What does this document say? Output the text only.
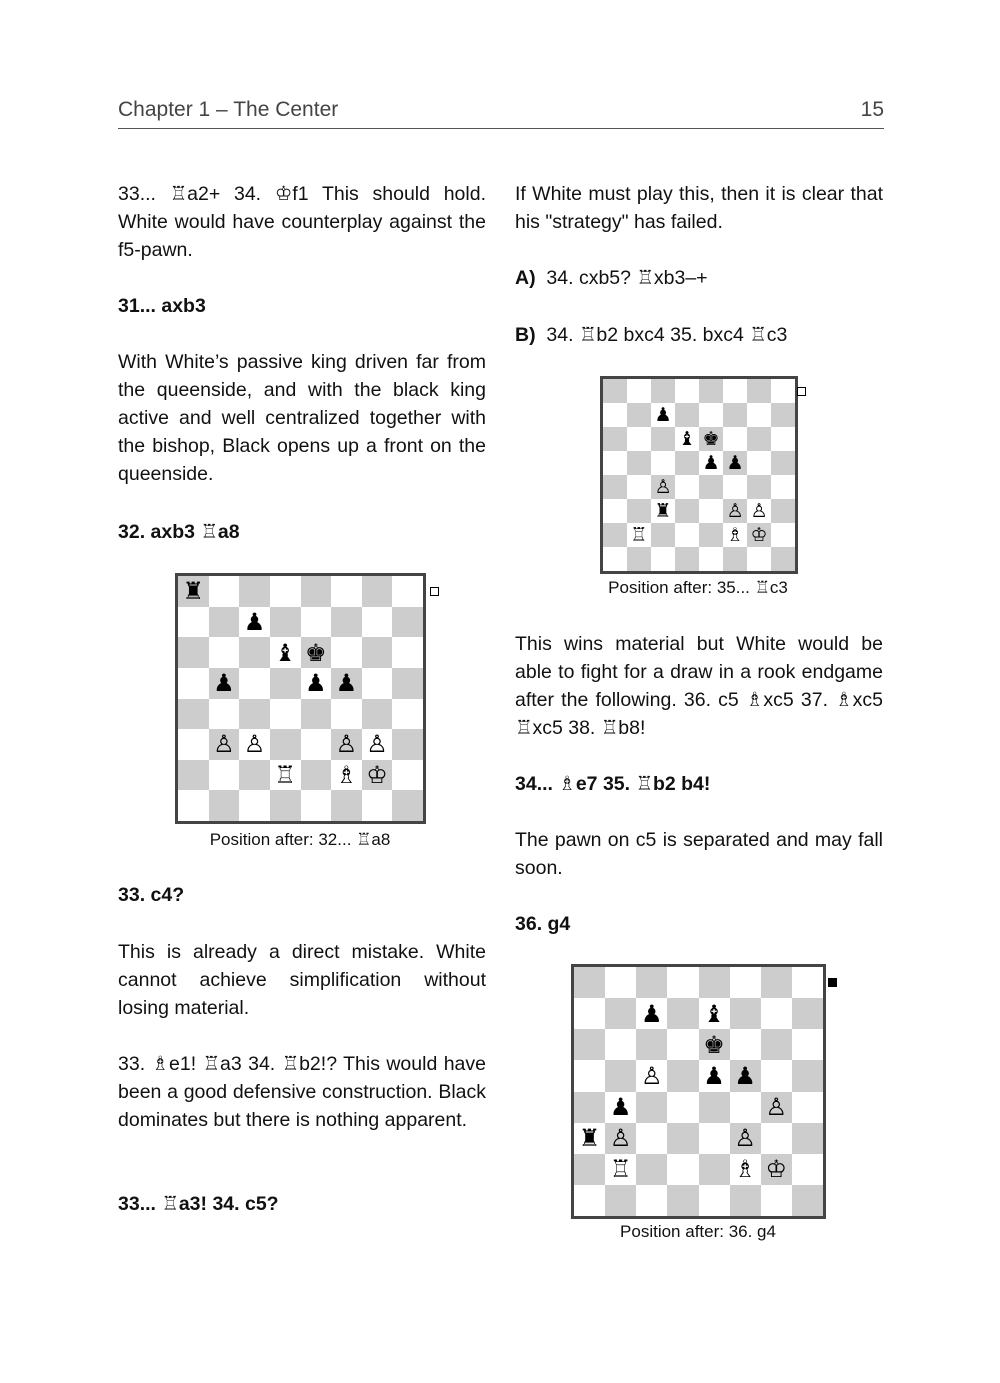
Chapter 1 – The Center	15

33... ♖a2+ 34. ♔f1 This should hold. White would have counterplay against the f5-pawn.

31... axb3

With White’s passive king driven far from the queenside, and with the black king active and well centralized together with the bishop, Black opens up a front on the queenside.

32. axb3 ♖a8

33. c4?

This is already a direct mistake. White cannot achieve simplification without losing material.

33. ♗e1! ♖a3 34. ♖b2!? This would have been a good defensive construction. Black dominates but there is nothing apparent.

33... ♖a3! 34. c5?

If White must play this, then it is clear that his "strategy" has failed.

A) 34. cxb5? ♖xb3–+

B) 34. ♖b2 bxc4 35. bxc4 ♖c3

This wins material but White would be able to fight for a draw in a rook endgame after the following. 36. c5 ♗xc5 37. ♗xc5 ♖xc5 38. ♖b8!

34... ♗e7 35. ♖b2 b4!

The pawn on c5 is separated and may fall soon.

36. g4

♜
♟
♝ ♚
♟	♟ ♟
♙ ♙	♙ ♙
♖ ♗ ♔
Position after: 32... ♖a8
♟
♝ ♚
♟ ♟
♙
♜	♙ ♙
♖	♗ ♔
Position after: 35... ♖c3
♟ ♝
♚
♙ ♟ ♟
♟	♙
♜ ♙	♙
♖	♗ ♔
Position after: 36. g4
